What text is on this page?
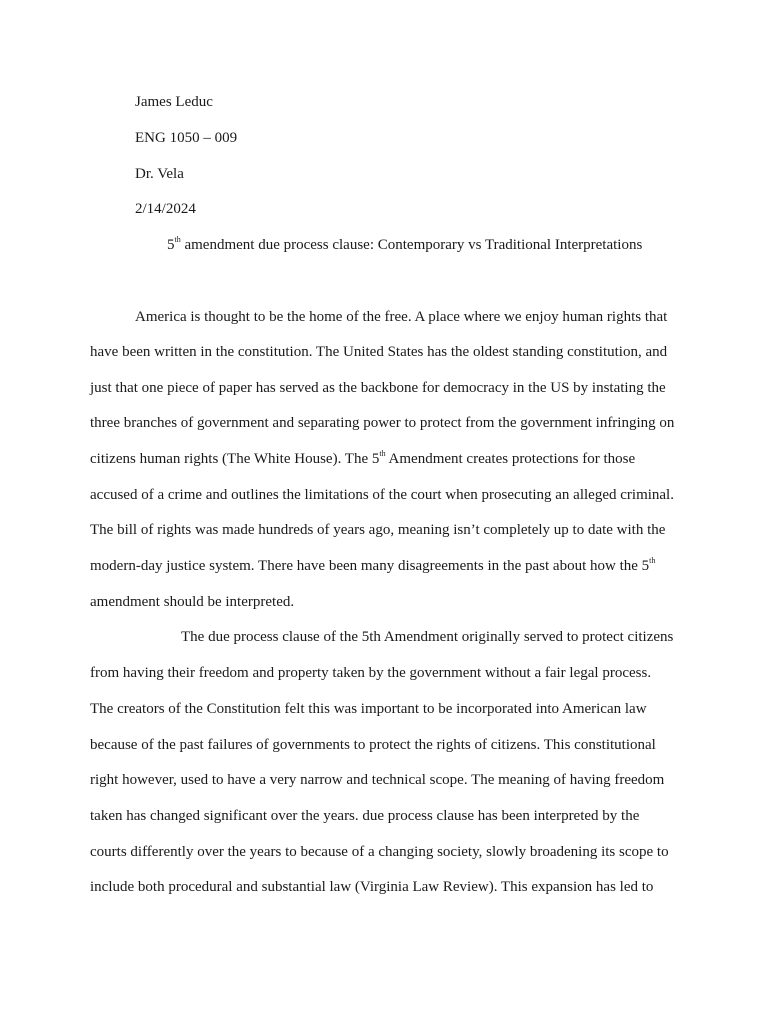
James Leduc
ENG 1050 – 009
Dr. Vela
2/14/2024
5th amendment due process clause: Contemporary vs Traditional Interpretations
America is thought to be the home of the free. A place where we enjoy human rights that
have been written in the constitution. The United States has the oldest standing constitution, and
just that one piece of paper has served as the backbone for democracy in the US by instating the
three branches of government and separating power to protect from the government infringing on
citizens human rights (The White House). The 5th Amendment creates protections for those
accused of a crime and outlines the limitations of the court when prosecuting an alleged criminal.
The bill of rights was made hundreds of years ago, meaning isn’t completely up to date with the
modern-day justice system. There have been many disagreements in the past about how the 5th
amendment should be interpreted.
The due process clause of the 5th Amendment originally served to protect citizens
from having their freedom and property taken by the government without a fair legal process.
The creators of the Constitution felt this was important to be incorporated into American law
because of the past failures of governments to protect the rights of citizens. This constitutional
right however, used to have a very narrow and technical scope. The meaning of having freedom
taken has changed significant over the years. due process clause has been interpreted by the
courts differently over the years to because of a changing society, slowly broadening its scope to
include both procedural and substantial law (Virginia Law Review). This expansion has led to
